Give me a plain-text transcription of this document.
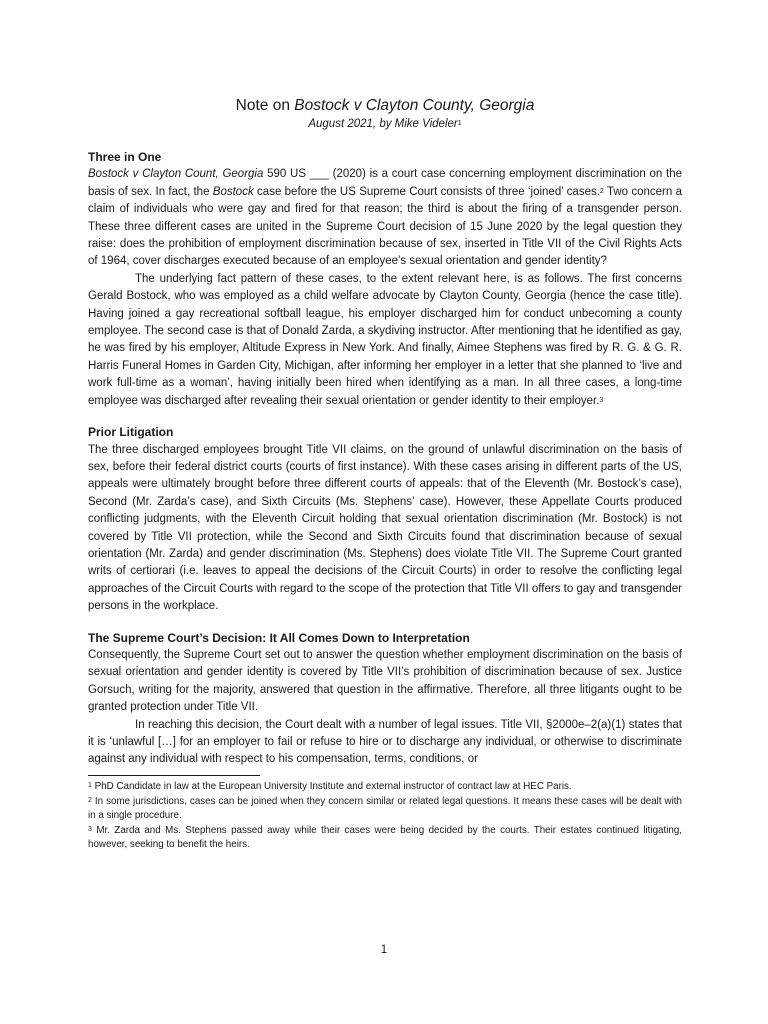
Note on Bostock v Clayton County, Georgia

August 2021, by Mike Videler$^1$

Three in One

Bostock v Clayton Count, Georgia 590 US ___ (2020) is a court case concerning employment discrimination on the basis of sex. In fact, the Bostock case before the US Supreme Court consists of three ‘joined’ cases.$^2$ Two concern a claim of individuals who were gay and fired for that reason; the third is about the firing of a transgender person. These three different cases are united in the Supreme Court decision of 15 June 2020 by the legal question they raise: does the prohibition of employment discrimination because of sex, inserted in Title VII of the Civil Rights Acts of 1964, cover discharges executed because of an employee’s sexual orientation and gender identity?

The underlying fact pattern of these cases, to the extent relevant here, is as follows. The first concerns Gerald Bostock, who was employed as a child welfare advocate by Clayton County, Georgia (hence the case title). Having joined a gay recreational softball league, his employer discharged him for conduct unbecoming a county employee. The second case is that of Donald Zarda, a skydiving instructor. After mentioning that he identified as gay, he was fired by his employer, Altitude Express in New York. And finally, Aimee Stephens was fired by R. G. & G. R. Harris Funeral Homes in Garden City, Michigan, after informing her employer in a letter that she planned to ‘live and work full-time as a woman’, having initially been hired when identifying as a man. In all three cases, a long-time employee was discharged after revealing their sexual orientation or gender identity to their employer.$^3$

Prior Litigation

The three discharged employees brought Title VII claims, on the ground of unlawful discrimination on the basis of sex, before their federal district courts (courts of first instance). With these cases arising in different parts of the US, appeals were ultimately brought before three different courts of appeals: that of the Eleventh (Mr. Bostock’s case), Second (Mr. Zarda’s case), and Sixth Circuits (Ms. Stephens’ case). However, these Appellate Courts produced conflicting judgments, with the Eleventh Circuit holding that sexual orientation discrimination (Mr. Bostock) is not covered by Title VII protection, while the Second and Sixth Circuits found that discrimination because of sexual orientation (Mr. Zarda) and gender discrimination (Ms. Stephens) does violate Title VII. The Supreme Court granted writs of certiorari (i.e. leaves to appeal the decisions of the Circuit Courts) in order to resolve the conflicting legal approaches of the Circuit Courts with regard to the scope of the protection that Title VII offers to gay and transgender persons in the workplace.

The Supreme Court’s Decision: It All Comes Down to Interpretation

Consequently, the Supreme Court set out to answer the question whether employment discrimination on the basis of sexual orientation and gender identity is covered by Title VII’s prohibition of discrimination because of sex. Justice Gorsuch, writing for the majority, answered that question in the affirmative. Therefore, all three litigants ought to be granted protection under Title VII.

In reaching this decision, the Court dealt with a number of legal issues. Title VII, §2000e–2(a)(1) states that it is ‘unlawful […] for an employer to fail or refuse to hire or to discharge any individual, or otherwise to discriminate against any individual with respect to his compensation, terms, conditions, or

$^1$ PhD Candidate in law at the European University Institute and external instructor of contract law at HEC Paris.

$^2$ In some jurisdictions, cases can be joined when they concern similar or related legal questions. It means these cases will be dealt with in a single procedure.

$^3$ Mr. Zarda and Ms. Stephens passed away while their cases were being decided by the courts. Their estates continued litigating, however, seeking to benefit the heirs.

1
